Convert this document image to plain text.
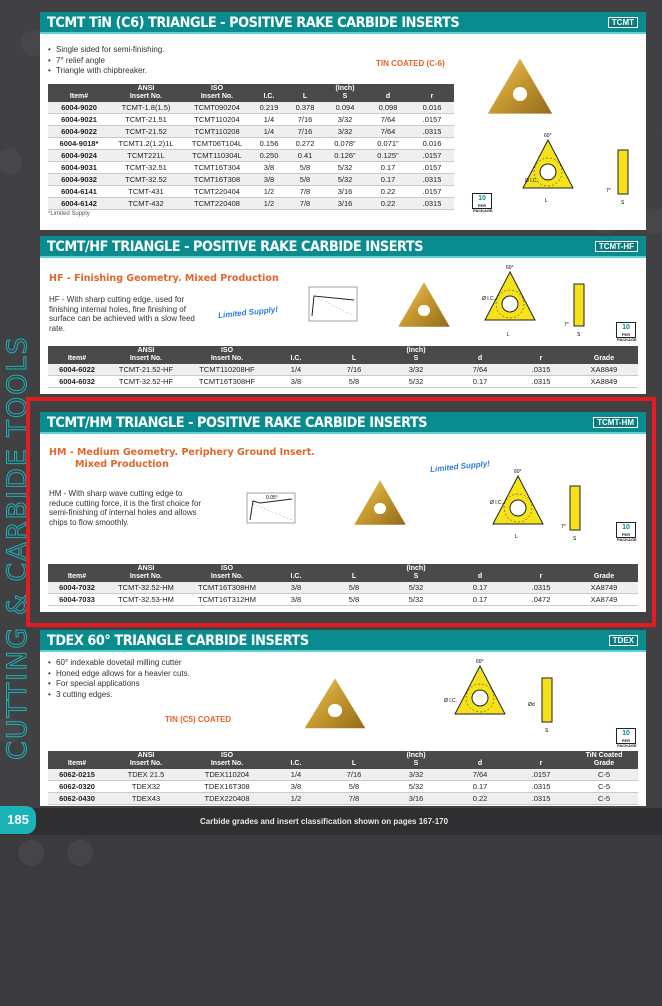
CUTTING & CARBIDE TOOLS
TCMT TiN (C6) TRIANGLE - POSITIVE RAKE CARBIDE INSERTS	TCMT
• Single sided for semi-finishing.
• 7° relief angle
• Triangle with chipbreaker.
TIN COATED (C-6)
60°
Ø I.C.
L
7°
S
10
PER PACKAGE
Item#	ANSI
Insert No.	ISO
Insert No.	I.C.	L	(Inch)
S	d	r
6004-9020	TCMT-1.8(1.5)	TCMT090204	0.219	0.378	0.094	0.098	0.016
6004-9021	TCMT-21.51	TCMT110204	1/4	7/16	3/32	7/64	.0157
6004-9022	TCMT-21.52	TCMT110208	1/4	7/16	3/32	7/64	.0315
6004-9018*	TCMT1.2(1.2)1L	TCMT06T104L	0.156	0.272	0.078"	0.071"	0.016
6004-9024	TCMT221L	TCMT110304L	0.250	0.41	0.126"	0.125"	.0157
6004-9031	TCMT-32.51	TCMT16T304	3/8	5/8	5/32	0.17	.0157
6004-9032	TCMT-32.52	TCMT16T308	3/8	5/8	5/32	0.17	.0315
6004-6141	TCMT-431	TCMT220404	1/2	7/8	3/16	0.22	.0157
6004-6142	TCMT-432	TCMT220408	1/2	7/8	3/16	0.22	.0315
*Limited Supply
TCMT/HF TRIANGLE - POSITIVE RAKE CARBIDE INSERTS	TCMT-HF
HF - Finishing Geometry. Mixed Production
HF - With sharp cutting edge, used for finishing internal holes, fine finishing of surface can be achieved with a slow feed rate.
Limited Supply!
60°
Ø I.C.
L
7°
S
10
PER PACKAGE
Item#	ANSI
Insert No.	ISO
Insert No.	I.C.	L	(Inch)
S	d	r	Grade
6004-6022	TCMT-21.52-HF	TCMT110208HF	1/4	7/16	3/32	7/64	.0315	XA8849
6004-6032	TCMT-32.52-HF	TCMT16T308HF	3/8	5/8	5/32	0.17	.0315	XA8849
TCMT/HM TRIANGLE - POSITIVE RAKE CARBIDE INSERTS	TCMT-HM
HM - Medium Geometry. Periphery Ground Insert.
Mixed Production	Limited Supply!
HM - With sharp wave cutting edge to reduce cutting force, it is the first choice for semi-finishing of internal holes and allows chips to flow smoothly.
0.05°
60°
Ø I.C.
L
7°
S
10
PER PACKAGE
Item#	ANSI
Insert No.	ISO
Insert No.	I.C.	L	(Inch)
S	d	r	Grade
6004-7032	TCMT-32.52-HM	TCMT16T308HM	3/8	5/8	5/32	0.17	.0315	XA8749
6004-7033	TCMT-32.53-HM	TCMT16T312HM	3/8	5/8	5/32	0.17	.0472	XA8749
TDEX 60° TRIANGLE CARBIDE INSERTS	TDEX
• 60° indexable dovetail milling cutter
• Honed edge allows for a heavier cuts.
• For special applications
• 3 cutting edges.
TIN (C5) COATED
60°
Ø I.C.
Ød
S	10
PER PACKAGE
Item#	ANSI
Insert No.	ISO
Insert No.	I.C.	L	(Inch)
S	d	r	TiN Coated
Grade
6062-0215	TDEX 21.5	TDEX110204	1/4	7/16	3/32	7/64	.0157	C-5
6062-0320	TDEX32	TDEX16T308	3/8	5/8	5/32	0.17	.0315	C-5
6062-0430	TDEX43	TDEX220408	1/2	7/8	3/16	0.22	.0315	C-5
185	Carbide grades and insert classification shown on pages 167-170
